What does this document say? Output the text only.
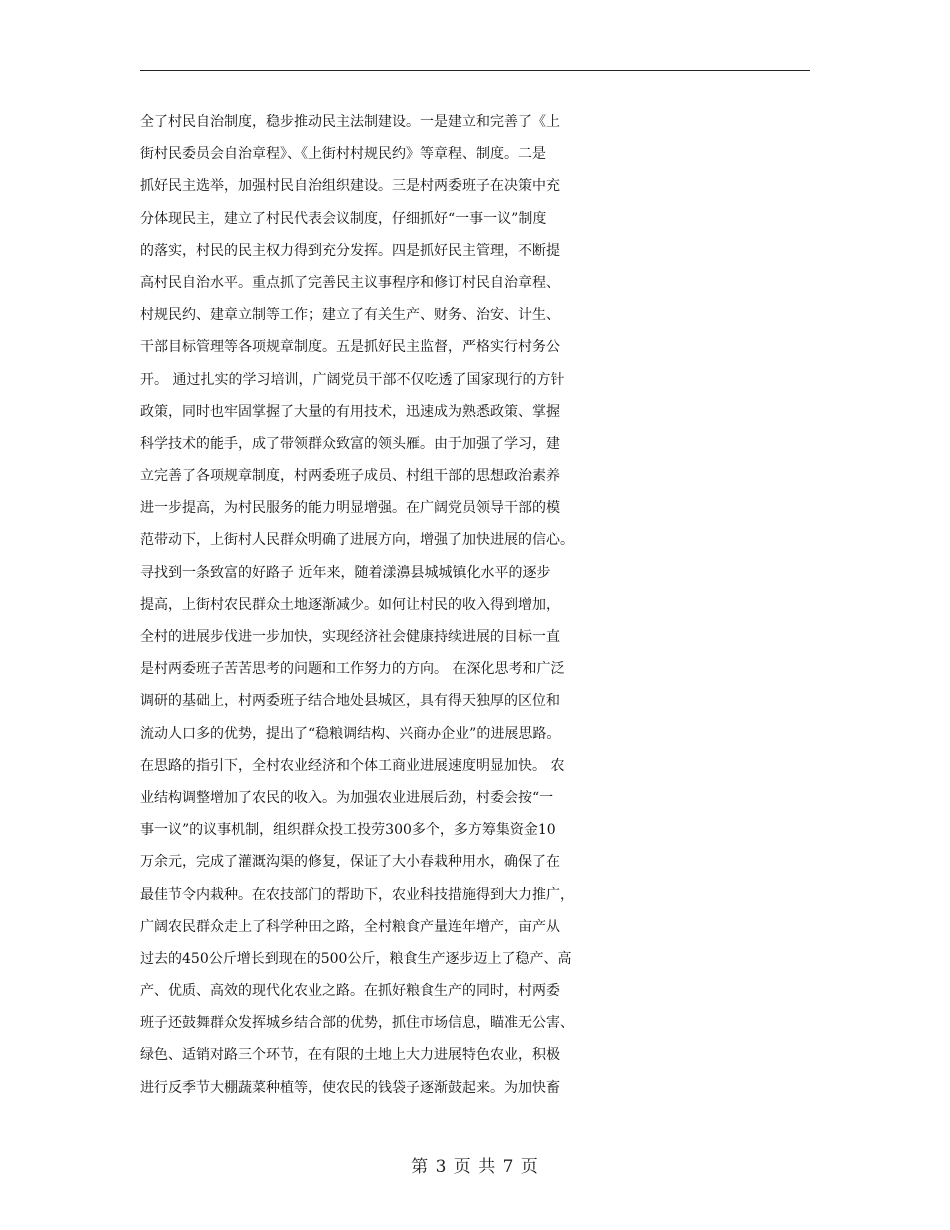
全了村民自治制度，稳步推动民主法制建设。一是建立和完善了《上
街村民委员会自治章程》、《上街村村规民约》等章程、制度。二是
抓好民主选举，加强村民自治组织建设。三是村两委班子在决策中充
分体现民主，建立了村民代表会议制度，仔细抓好“一事一议”制度
的落实，村民的民主权力得到充分发挥。四是抓好民主管理，不断提
高村民自治水平。重点抓了完善民主议事程序和修订村民自治章程、
村规民约、建章立制等工作；建立了有关生产、财务、治安、计生、
干部目标管理等各项规章制度。五是抓好民主监督，严格实行村务公
开。 通过扎实的学习培训，广阔党员干部不仅吃透了国家现行的方针
政策，同时也牢固掌握了大量的有用技术，迅速成为熟悉政策、掌握
科学技术的能手，成了带领群众致富的领头雁。由于加强了学习，建
立完善了各项规章制度，村两委班子成员、村组干部的思想政治素养
进一步提高，为村民服务的能力明显增强。在广阔党员领导干部的模
范带动下，上街村人民群众明确了进展方向，增强了加快进展的信心。
寻找到一条致富的好路子 近年来，随着漾濞县城城镇化水平的逐步
提高，上街村农民群众土地逐渐减少。如何让村民的收入得到增加，
全村的进展步伐进一步加快，实现经济社会健康持续进展的目标一直
是村两委班子苦苦思考的问题和工作努力的方向。 在深化思考和广泛
调研的基础上，村两委班子结合地处县城区，具有得天独厚的区位和
流动人口多的优势，提出了“稳粮调结构、兴商办企业”的进展思路。
在思路的指引下，全村农业经济和个体工商业进展速度明显加快。 农
业结构调整增加了农民的收入。为加强农业进展后劲，村委会按“一
事一议”的议事机制，组织群众投工投劳300多个，多方筹集资金10
万余元，完成了灌溉沟渠的修复，保证了大小春栽种用水，确保了在
最佳节令内栽种。在农技部门的帮助下，农业科技措施得到大力推广，
广阔农民群众走上了科学种田之路，全村粮食产量连年增产，亩产从
过去的450公斤增长到现在的500公斤，粮食生产逐步迈上了稳产、高
产、优质、高效的现代化农业之路。在抓好粮食生产的同时，村两委
班子还鼓舞群众发挥城乡结合部的优势，抓住市场信息，瞄准无公害、
绿色、适销对路三个环节，在有限的土地上大力进展特色农业，积极
进行反季节大棚蔬菜种植等，使农民的钱袋子逐渐鼓起来。为加快畜
第 3 页 共 7 页
